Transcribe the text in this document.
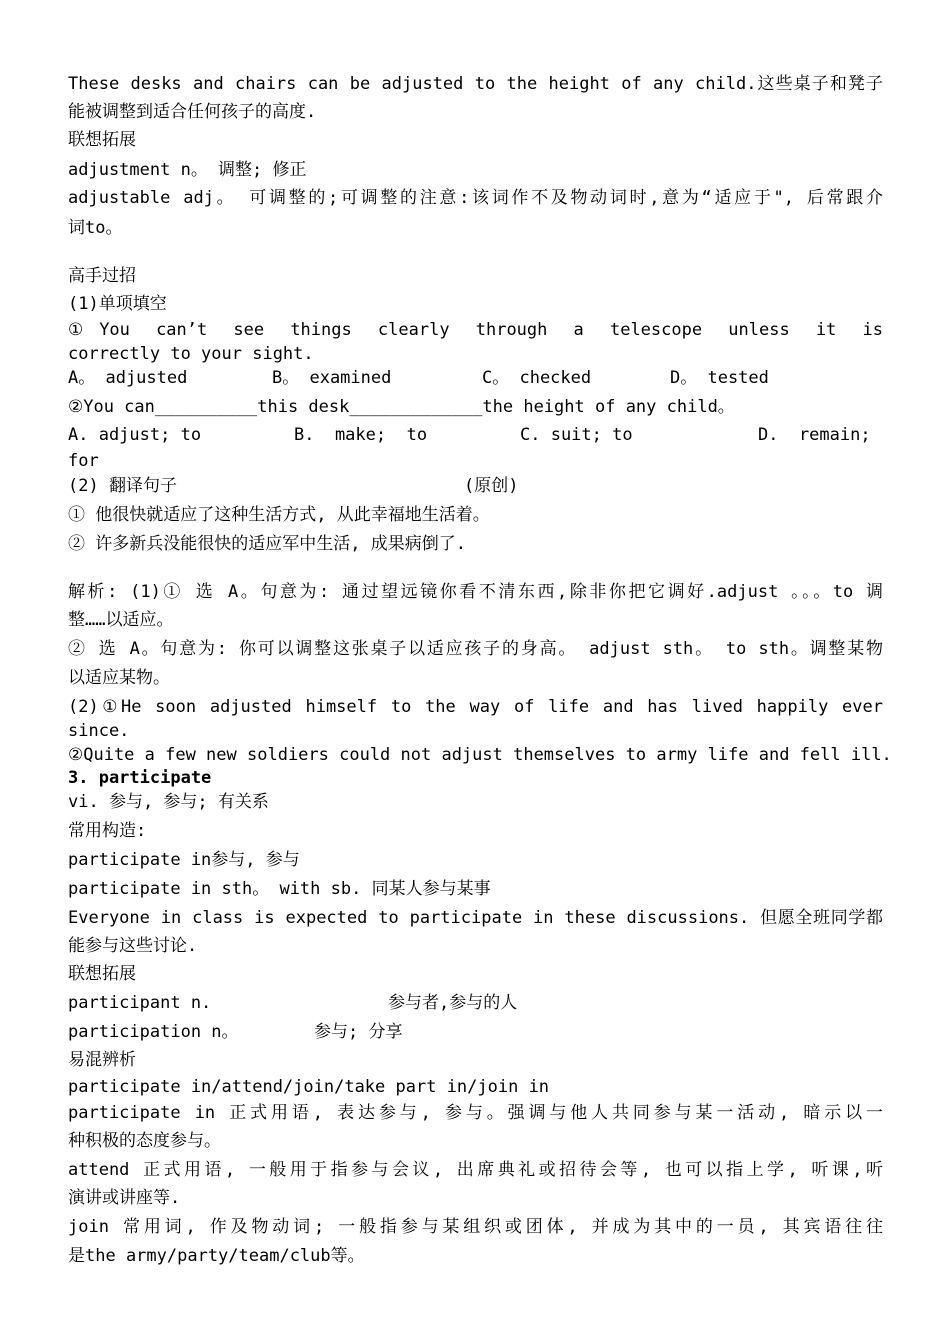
These desks and chairs can be adjusted to the height of any child.这些桌子和凳子
能被调整到适合任何孩子的高度.
联想拓展
adjustment n。 调整; 修正
adjustable adj。 可调整的;可调整的注意:该词作不及物动词时,意为“适应于", 后常跟介
词to。
高手过招
(1)单项填空
①You can’t see things clearly through a telescope unless it is
correctly to your sight.
A。 adjusted	B。 examined	C。 checked	D。 tested
②You can__________this desk_____________the height of any child。
A. adjust; to	B.  make;  to	C. suit; to	D.  remain;
for
(2) 翻译句子	(原创)
① 他很快就适应了这种生活方式, 从此幸福地生活着。
② 许多新兵没能很快的适应军中生活, 成果病倒了.
解析: (1)① 选 A。句意为: 通过望远镜你看不清东西,除非你把它调好.adjust 。。。to 调
整……以适应。
② 选 A。句意为: 你可以调整这张桌子以适应孩子的身高。 adjust sth。 to sth。调整某物
以适应某物。
(2)①He soon adjusted himself to the way of life and has lived happily ever
since.
②Quite a few new soldiers could not adjust themselves to army life and fell ill.
3. participate
vi. 参与, 参与; 有关系
常用构造:
participate in参与, 参与
participate in sth。 with sb. 同某人参与某事
Everyone in class is expected to participate in these discussions. 但愿全班同学都
能参与这些讨论.
联想拓展
participant n.	参与者,参与的人
participation n。	参与; 分享
易混辨析
participate in/attend/join/take part in/join in
participate in 正式用语, 表达参与, 参与。强调与他人共同参与某一活动, 暗示以一
种积极的态度参与。
attend 正式用语, 一般用于指参与会议, 出席典礼或招待会等, 也可以指上学, 听课,听
演讲或讲座等.
join 常用词, 作及物动词; 一般指参与某组织或团体, 并成为其中的一员, 其宾语往往
是the army/party/team/club等。
